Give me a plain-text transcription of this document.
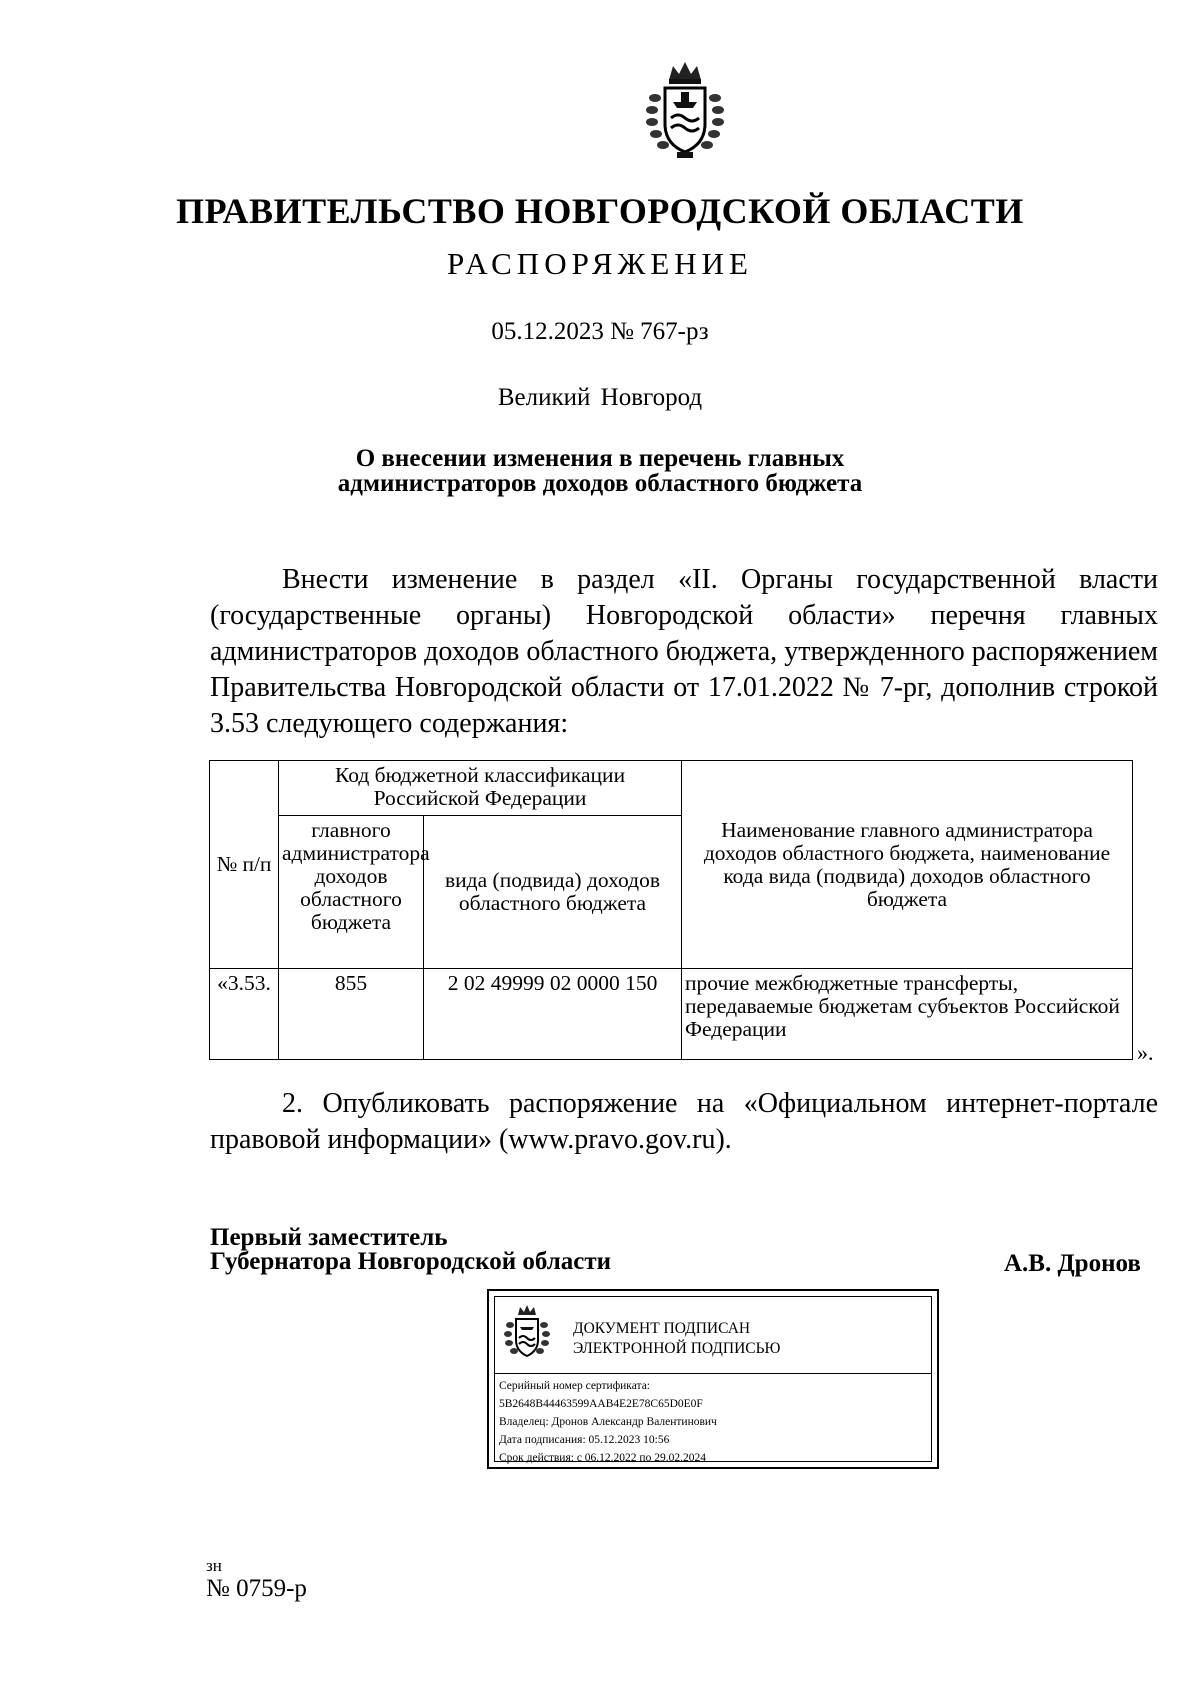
ПРАВИТЕЛЬСТВО НОВГОРОДСКОЙ ОБЛАСТИ
РАСПОРЯЖЕНИЕ
05.12.2023 № 767-рз
Великий Новгород
О внесении изменения в перечень главных
администраторов доходов областного бюджета
Внести изменение в раздел «II. Органы государственной власти (государственные органы) Новгородской области» перечня главных администраторов доходов областного бюджета, утвержденного распоряжением Правительства Новгородской области от 17.01.2022 № 7-рг, дополнив строкой 3.53 следующего содержания:
№ п/п	Код бюджетной классификации Российской Федерации		Наименование главного администратора доходов областного бюджета, наименование кода вида (подвида) доходов областного бюджета
	главного администратора доходов областного бюджета	вида (подвида) доходов областного бюджета	
«3.53.	855	2 02 49999 02 0000 150	прочие межбюджетные трансферты, передаваемые бюджетам субъектов Российской Федерации
».
2. Опубликовать распоряжение на «Официальном интернет-портале правовой информации» (www.pravo.gov.ru).
Первый заместитель
Губернатора Новгородской области	А.В. Дронов
ДОКУМЕНТ ПОДПИСАН
ЭЛЕКТРОННОЙ ПОДПИСЬЮ
Серийный номер сертификата:
5B2648B44463599AAB4E2E78C65D0E0F
Владелец: Дронов Александр Валентинович
Дата подписания: 05.12.2023 10:56
Срок действия: с 06.12.2022 по 29.02.2024
зн
№ 0759-р
